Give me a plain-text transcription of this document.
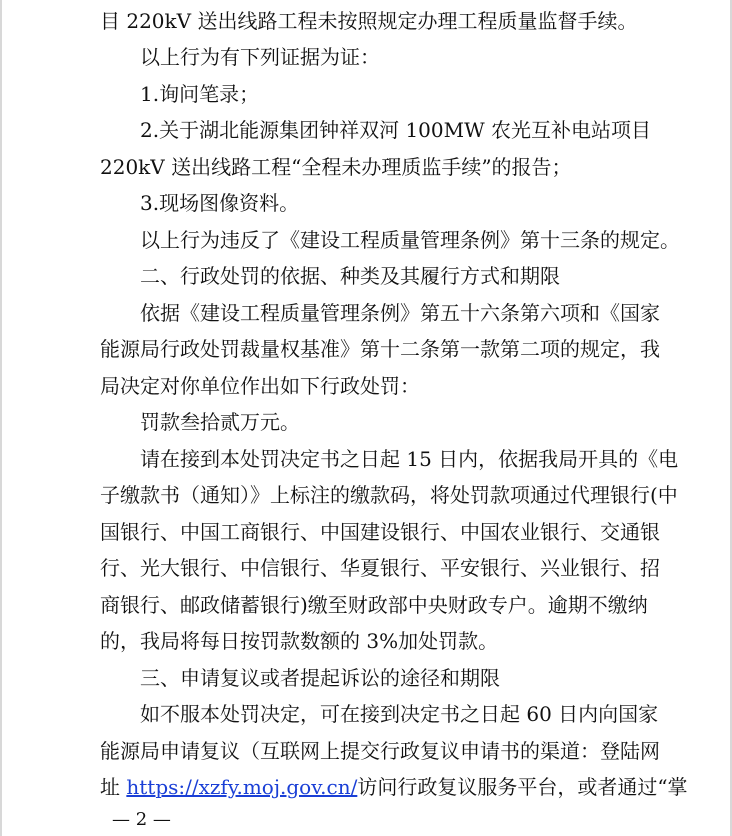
目 220kV 送出线路工程未按照规定办理工程质量监督手续。
以上行为有下列证据为证：
1.询问笔录；
2.关于湖北能源集团钟祥双河 100MW 农光互补电站项目
220kV 送出线路工程“全程未办理质监手续”的报告；
3.现场图像资料。
以上行为违反了《建设工程质量管理条例》第十三条的规定。
二、行政处罚的依据、种类及其履行方式和期限
依据《建设工程质量管理条例》第五十六条第六项和《国家
能源局行政处罚裁量权基准》第十二条第一款第二项的规定，我
局决定对你单位作出如下行政处罚：
罚款叁拾贰万元。
请在接到本处罚决定书之日起 15 日内，依据我局开具的《电
子缴款书（通知）》上标注的缴款码，将处罚款项通过代理银行(中
国银行、中国工商银行、中国建设银行、中国农业银行、交通银
行、光大银行、中信银行、华夏银行、平安银行、兴业银行、招
商银行、邮政储蓄银行)缴至财政部中央财政专户。逾期不缴纳
的，我局将每日按罚款数额的 3%加处罚款。
三、申请复议或者提起诉讼的途径和期限
如不服本处罚决定，可在接到决定书之日起 60 日内向国家
能源局申请复议（互联网上提交行政复议申请书的渠道：登陆网
址 https://xzfy.moj.gov.cn/访问行政复议服务平台，或者通过“掌
— 2 —
